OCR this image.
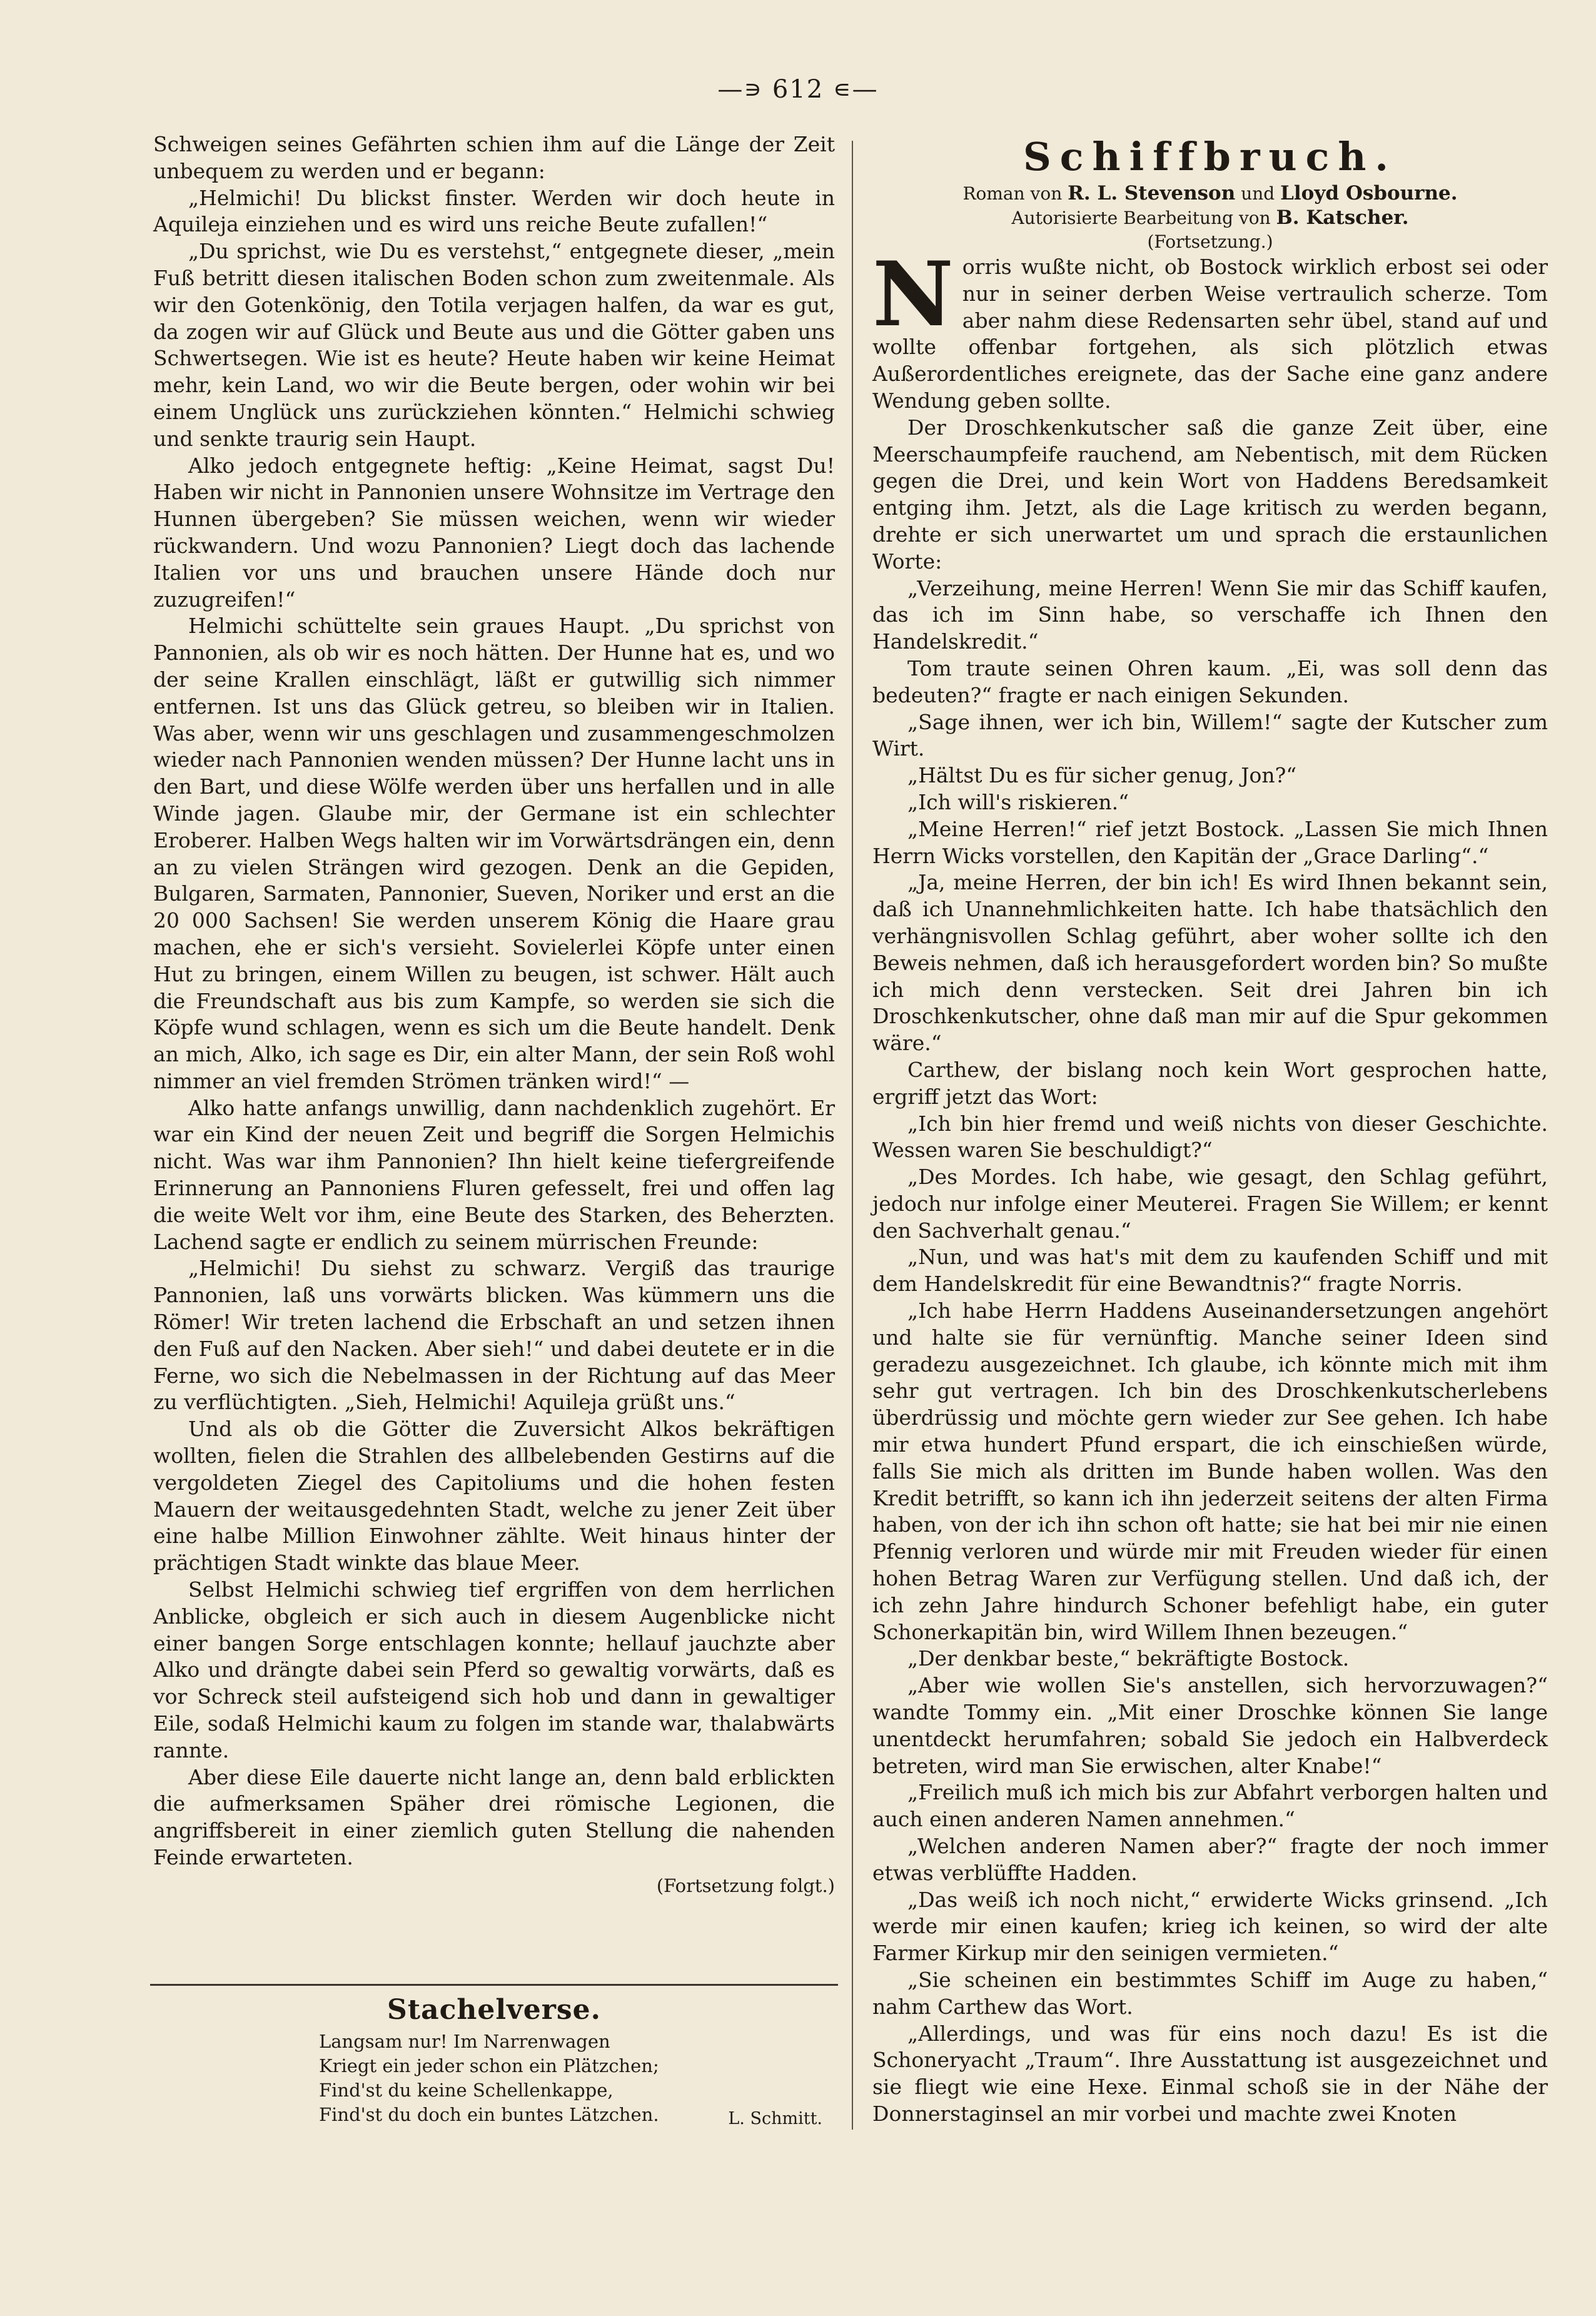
—∍ 612 ∊—

Schweigen seines Gefährten schien ihm auf die Länge der Zeit unbequem zu werden und er begann:

„Helmichi! Du blickst finster. Werden wir doch heute in Aquileja einziehen und es wird uns reiche Beute zufallen!“

„Du sprichst, wie Du es verstehst,“ entgegnete dieser, „mein Fuß betritt diesen italischen Boden schon zum zweitenmale. Als wir den Gotenkönig, den Totila verjagen halfen, da war es gut, da zogen wir auf Glück und Beute aus und die Götter gaben uns Schwertsegen. Wie ist es heute? Heute haben wir keine Heimat mehr, kein Land, wo wir die Beute bergen, oder wohin wir bei einem Unglück uns zurückziehen könnten.“ Helmichi schwieg und senkte traurig sein Haupt.

Alko jedoch entgegnete heftig: „Keine Heimat, sagst Du! Haben wir nicht in Pannonien unsere Wohnsitze im Vertrage den Hunnen übergeben? Sie müssen weichen, wenn wir wieder rückwandern. Und wozu Pannonien? Liegt doch das lachende Italien vor uns und brauchen unsere Hände doch nur zuzugreifen!“

Helmichi schüttelte sein graues Haupt. „Du sprichst von Pannonien, als ob wir es noch hätten. Der Hunne hat es, und wo der seine Krallen einschlägt, läßt er gutwillig sich nimmer entfernen. Ist uns das Glück getreu, so bleiben wir in Italien. Was aber, wenn wir uns geschlagen und zusammengeschmolzen wieder nach Pannonien wenden müssen? Der Hunne lacht uns in den Bart, und diese Wölfe werden über uns herfallen und in alle Winde jagen. Glaube mir, der Germane ist ein schlechter Eroberer. Halben Wegs halten wir im Vorwärtsdrängen ein, denn an zu vielen Strängen wird gezogen. Denk an die Gepiden, Bulgaren, Sarmaten, Pannonier, Sueven, Noriker und erst an die 20 000 Sachsen! Sie werden unserem König die Haare grau machen, ehe er sich's versieht. Sovielerlei Köpfe unter einen Hut zu bringen, einem Willen zu beugen, ist schwer. Hält auch die Freundschaft aus bis zum Kampfe, so werden sie sich die Köpfe wund schlagen, wenn es sich um die Beute handelt. Denk an mich, Alko, ich sage es Dir, ein alter Mann, der sein Roß wohl nimmer an viel fremden Strömen tränken wird!“ —

Alko hatte anfangs unwillig, dann nachdenklich zugehört. Er war ein Kind der neuen Zeit und begriff die Sorgen Helmichis nicht. Was war ihm Pannonien? Ihn hielt keine tiefergreifende Erinnerung an Pannoniens Fluren gefesselt, frei und offen lag die weite Welt vor ihm, eine Beute des Starken, des Beherzten. Lachend sagte er endlich zu seinem mürrischen Freunde:

„Helmichi! Du siehst zu schwarz. Vergiß das traurige Pannonien, laß uns vorwärts blicken. Was kümmern uns die Römer! Wir treten lachend die Erbschaft an und setzen ihnen den Fuß auf den Nacken. Aber sieh!“ und dabei deutete er in die Ferne, wo sich die Nebelmassen in der Richtung auf das Meer zu verflüchtigten. „Sieh, Helmichi! Aquileja grüßt uns.“

Und als ob die Götter die Zuversicht Alkos bekräftigen wollten, fielen die Strahlen des allbelebenden Gestirns auf die vergoldeten Ziegel des Capitoliums und die hohen festen Mauern der weitausgedehnten Stadt, welche zu jener Zeit über eine halbe Million Einwohner zählte. Weit hinaus hinter der prächtigen Stadt winkte das blaue Meer.

Selbst Helmichi schwieg tief ergriffen von dem herrlichen Anblicke, obgleich er sich auch in diesem Augenblicke nicht einer bangen Sorge entschlagen konnte; hellauf jauchzte aber Alko und drängte dabei sein Pferd so gewaltig vorwärts, daß es vor Schreck steil aufsteigend sich hob und dann in gewaltiger Eile, sodaß Helmichi kaum zu folgen im stande war, thalabwärts rannte.

Aber diese Eile dauerte nicht lange an, denn bald erblickten die aufmerksamen Späher drei römische Legionen, die angriffsbereit in einer ziemlich guten Stellung die nahenden Feinde erwarteten.

(Fortsetzung folgt.)
Stachelverse.
Langsam nur! Im Narrenwagen
Kriegt ein jeder schon ein Plätzchen;
Find'st du keine Schellenkappe,
Find'st du doch ein buntes Lätzchen.	L. Schmitt.
Schiffbruch.
Roman von R. L. Stevenson und Lloyd Osbourne.
Autorisierte Bearbeitung von B. Katscher.
(Fortsetzung.)

Norris wußte nicht, ob Bostock wirklich erbost sei oder nur in seiner derben Weise vertraulich scherze. Tom aber nahm diese Redensarten sehr übel, stand auf und wollte offenbar fortgehen, als sich plötzlich etwas Außerordentliches ereignete, das der Sache eine ganz andere Wendung geben sollte.

Der Droschkenkutscher saß die ganze Zeit über, eine Meerschaumpfeife rauchend, am Nebentisch, mit dem Rücken gegen die Drei, und kein Wort von Haddens Beredsamkeit entging ihm. Jetzt, als die Lage kritisch zu werden begann, drehte er sich unerwartet um und sprach die erstaunlichen Worte:

„Verzeihung, meine Herren! Wenn Sie mir das Schiff kaufen, das ich im Sinn habe, so verschaffe ich Ihnen den Handelskredit.“

Tom traute seinen Ohren kaum. „Ei, was soll denn das bedeuten?“ fragte er nach einigen Sekunden.

„Sage ihnen, wer ich bin, Willem!“ sagte der Kutscher zum Wirt.

„Hältst Du es für sicher genug, Jon?“

„Ich will's riskieren.“

„Meine Herren!“ rief jetzt Bostock. „Lassen Sie mich Ihnen Herrn Wicks vorstellen, den Kapitän der „Grace Darling“.“

„Ja, meine Herren, der bin ich! Es wird Ihnen bekannt sein, daß ich Unannehmlichkeiten hatte. Ich habe thatsächlich den verhängnisvollen Schlag geführt, aber woher sollte ich den Beweis nehmen, daß ich herausgefordert worden bin? So mußte ich mich denn verstecken. Seit drei Jahren bin ich Droschkenkutscher, ohne daß man mir auf die Spur gekommen wäre.“

Carthew, der bislang noch kein Wort gesprochen hatte, ergriff jetzt das Wort:

„Ich bin hier fremd und weiß nichts von dieser Geschichte. Wessen waren Sie beschuldigt?“

„Des Mordes. Ich habe, wie gesagt, den Schlag geführt, jedoch nur infolge einer Meuterei. Fragen Sie Willem; er kennt den Sachverhalt genau.“

„Nun, und was hat's mit dem zu kaufenden Schiff und mit dem Handelskredit für eine Bewandtnis?“ fragte Norris.

„Ich habe Herrn Haddens Auseinandersetzungen angehört und halte sie für vernünftig. Manche seiner Ideen sind geradezu ausgezeichnet. Ich glaube, ich könnte mich mit ihm sehr gut vertragen. Ich bin des Droschkenkutscherlebens überdrüssig und möchte gern wieder zur See gehen. Ich habe mir etwa hundert Pfund erspart, die ich einschießen würde, falls Sie mich als dritten im Bunde haben wollen. Was den Kredit betrifft, so kann ich ihn jederzeit seitens der alten Firma haben, von der ich ihn schon oft hatte; sie hat bei mir nie einen Pfennig verloren und würde mir mit Freuden wieder für einen hohen Betrag Waren zur Verfügung stellen. Und daß ich, der ich zehn Jahre hindurch Schoner befehligt habe, ein guter Schonerkapitän bin, wird Willem Ihnen bezeugen.“

„Der denkbar beste,“ bekräftigte Bostock.

„Aber wie wollen Sie's anstellen, sich hervorzuwagen?“ wandte Tommy ein. „Mit einer Droschke können Sie lange unentdeckt herumfahren; sobald Sie jedoch ein Halbverdeck betreten, wird man Sie erwischen, alter Knabe!“

„Freilich muß ich mich bis zur Abfahrt verborgen halten und auch einen anderen Namen annehmen.“

„Welchen anderen Namen aber?“ fragte der noch immer etwas verblüffte Hadden.

„Das weiß ich noch nicht,“ erwiderte Wicks grinsend. „Ich werde mir einen kaufen; krieg ich keinen, so wird der alte Farmer Kirkup mir den seinigen vermieten.“

„Sie scheinen ein bestimmtes Schiff im Auge zu haben,“ nahm Carthew das Wort.

„Allerdings, und was für eins noch dazu! Es ist die Schoneryacht „Traum“. Ihre Ausstattung ist ausgezeichnet und sie fliegt wie eine Hexe. Einmal schoß sie in der Nähe der Donnerstaginsel an mir vorbei und machte zwei Knoten
